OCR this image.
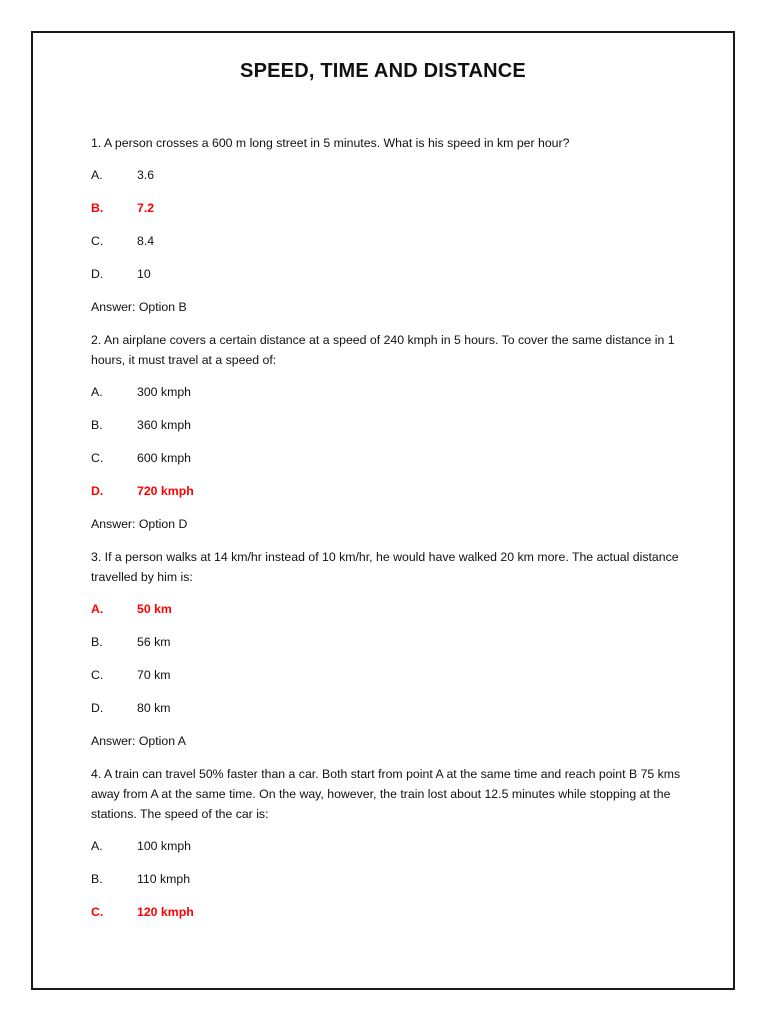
SPEED, TIME AND DISTANCE
1. A person crosses a 600 m long street in 5 minutes. What is his speed in km per hour?
A.	3.6
B.	7.2
C.	8.4
D.	10
Answer: Option B
2. An airplane covers a certain distance at a speed of 240 kmph in 5 hours. To cover the same distance in 1 hours, it must travel at a speed of:
A.	300 kmph
B.	360 kmph
C.	600 kmph
D.	720 kmph
Answer: Option D
3. If a person walks at 14 km/hr instead of 10 km/hr, he would have walked 20 km more. The actual distance travelled by him is:
A.	50 km
B.	56 km
C.	70 km
D.	80 km
Answer: Option A
4. A train can travel 50% faster than a car. Both start from point A at the same time and reach point B 75 kms away from A at the same time. On the way, however, the train lost about 12.5 minutes while stopping at the stations. The speed of the car is:
A.	100 kmph
B.	110 kmph
C.	120 kmph
